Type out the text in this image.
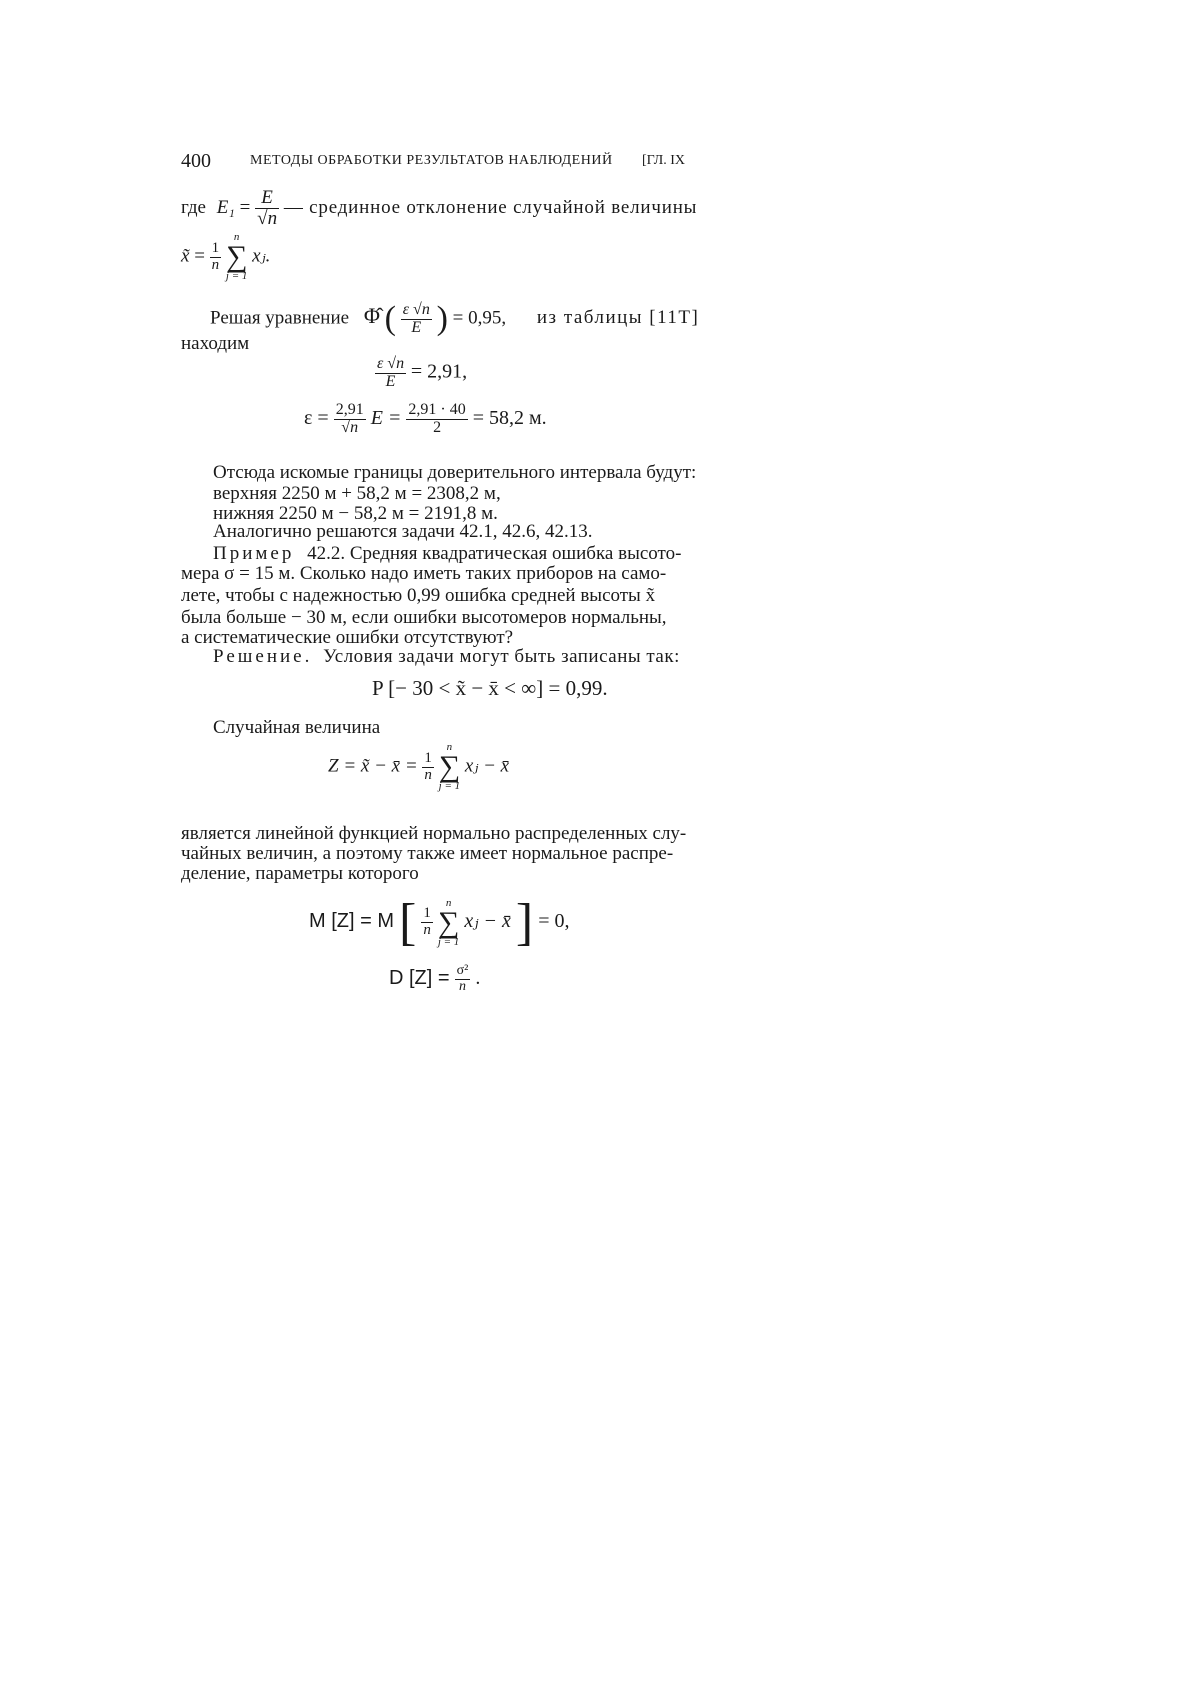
400	МЕТОДЫ ОБРАБОТКИ РЕЗУЛЬТАТОВ НАБЛЮДЕНИЙ [ГЛ. IX
где $E_1 = \frac{E}{√n}$ — срединное отклонение случайной величины
x̃ = $\frac{1}{n}$

n
∑
j = 1
xⱼ.
Решая уравнение Φ̂ ( $\frac{\varepsilon √n}{E}$ ) = 0,95, из таблицы [11T]
находим
$\frac{\varepsilon √n}{E} = 2,91$,
$\varepsilon = \frac{2,91}{√n}$ $E = \frac{2,91 \cdot 40}{2} = 58,2$ м.
Отсюда искомые границы доверительного интервала будут:
верхняя 2250 м + 58,2 м = 2308,2 м,
нижняя 2250 м − 58,2 м = 2191,8 м.
Аналогично решаются задачи 42.1, 42.6, 42.13.
Пример 42.2. Средняя квадратическая ошибка высото-
мера σ = 15 м. Сколько надо иметь таких приборов на само-
лете, чтобы с надежностью 0,99 ошибка средней высоты x̃
была больше − 30 м, если ошибки высотомеров нормальны,
а систематические ошибки отсутствуют?
Решение. Условия задачи могут быть записаны так:
P [− 30 < x̃ − x̄ < ∞] = 0,99.
Случайная величина
Z = x̃ − x̄ = $\frac{1}{n}$

n
∑
j = 1
xⱼ − x̄
является линейной функцией нормально распределенных слу-
чайных величин, а поэтому также имеет нормальное распре-
деление, параметры которого
M [Z] = M [ $\frac{1}{n}$

n
∑
j = 1
xⱼ − x̄ ] = 0,
D $[Z] = \frac{\text{σ²}}{n}$ .
